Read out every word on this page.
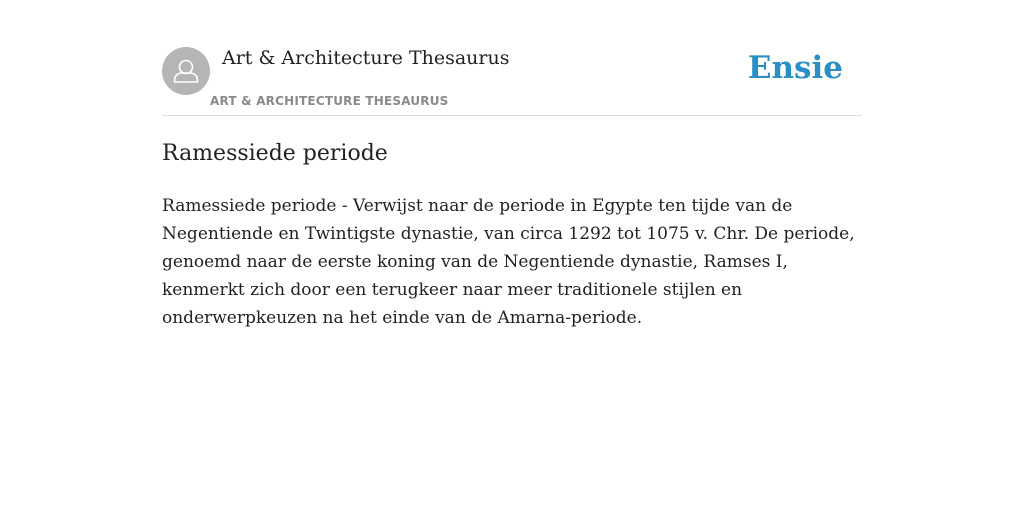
Art & Architecture Thesaurus

ART & ARCHITECTURE THESAURUS
Ensie
Ramessiede periode

Ramessiede periode - Verwijst naar de periode in Egypte ten tijde van de Negentiende en Twintigste dynastie, van circa 1292 tot 1075 v. Chr. De periode, genoemd naar de eerste koning van de Negentiende dynastie, Ramses I, kenmerkt zich door een terugkeer naar meer traditionele stijlen en onderwerpkeuzen na het einde van de Amarna-periode.
